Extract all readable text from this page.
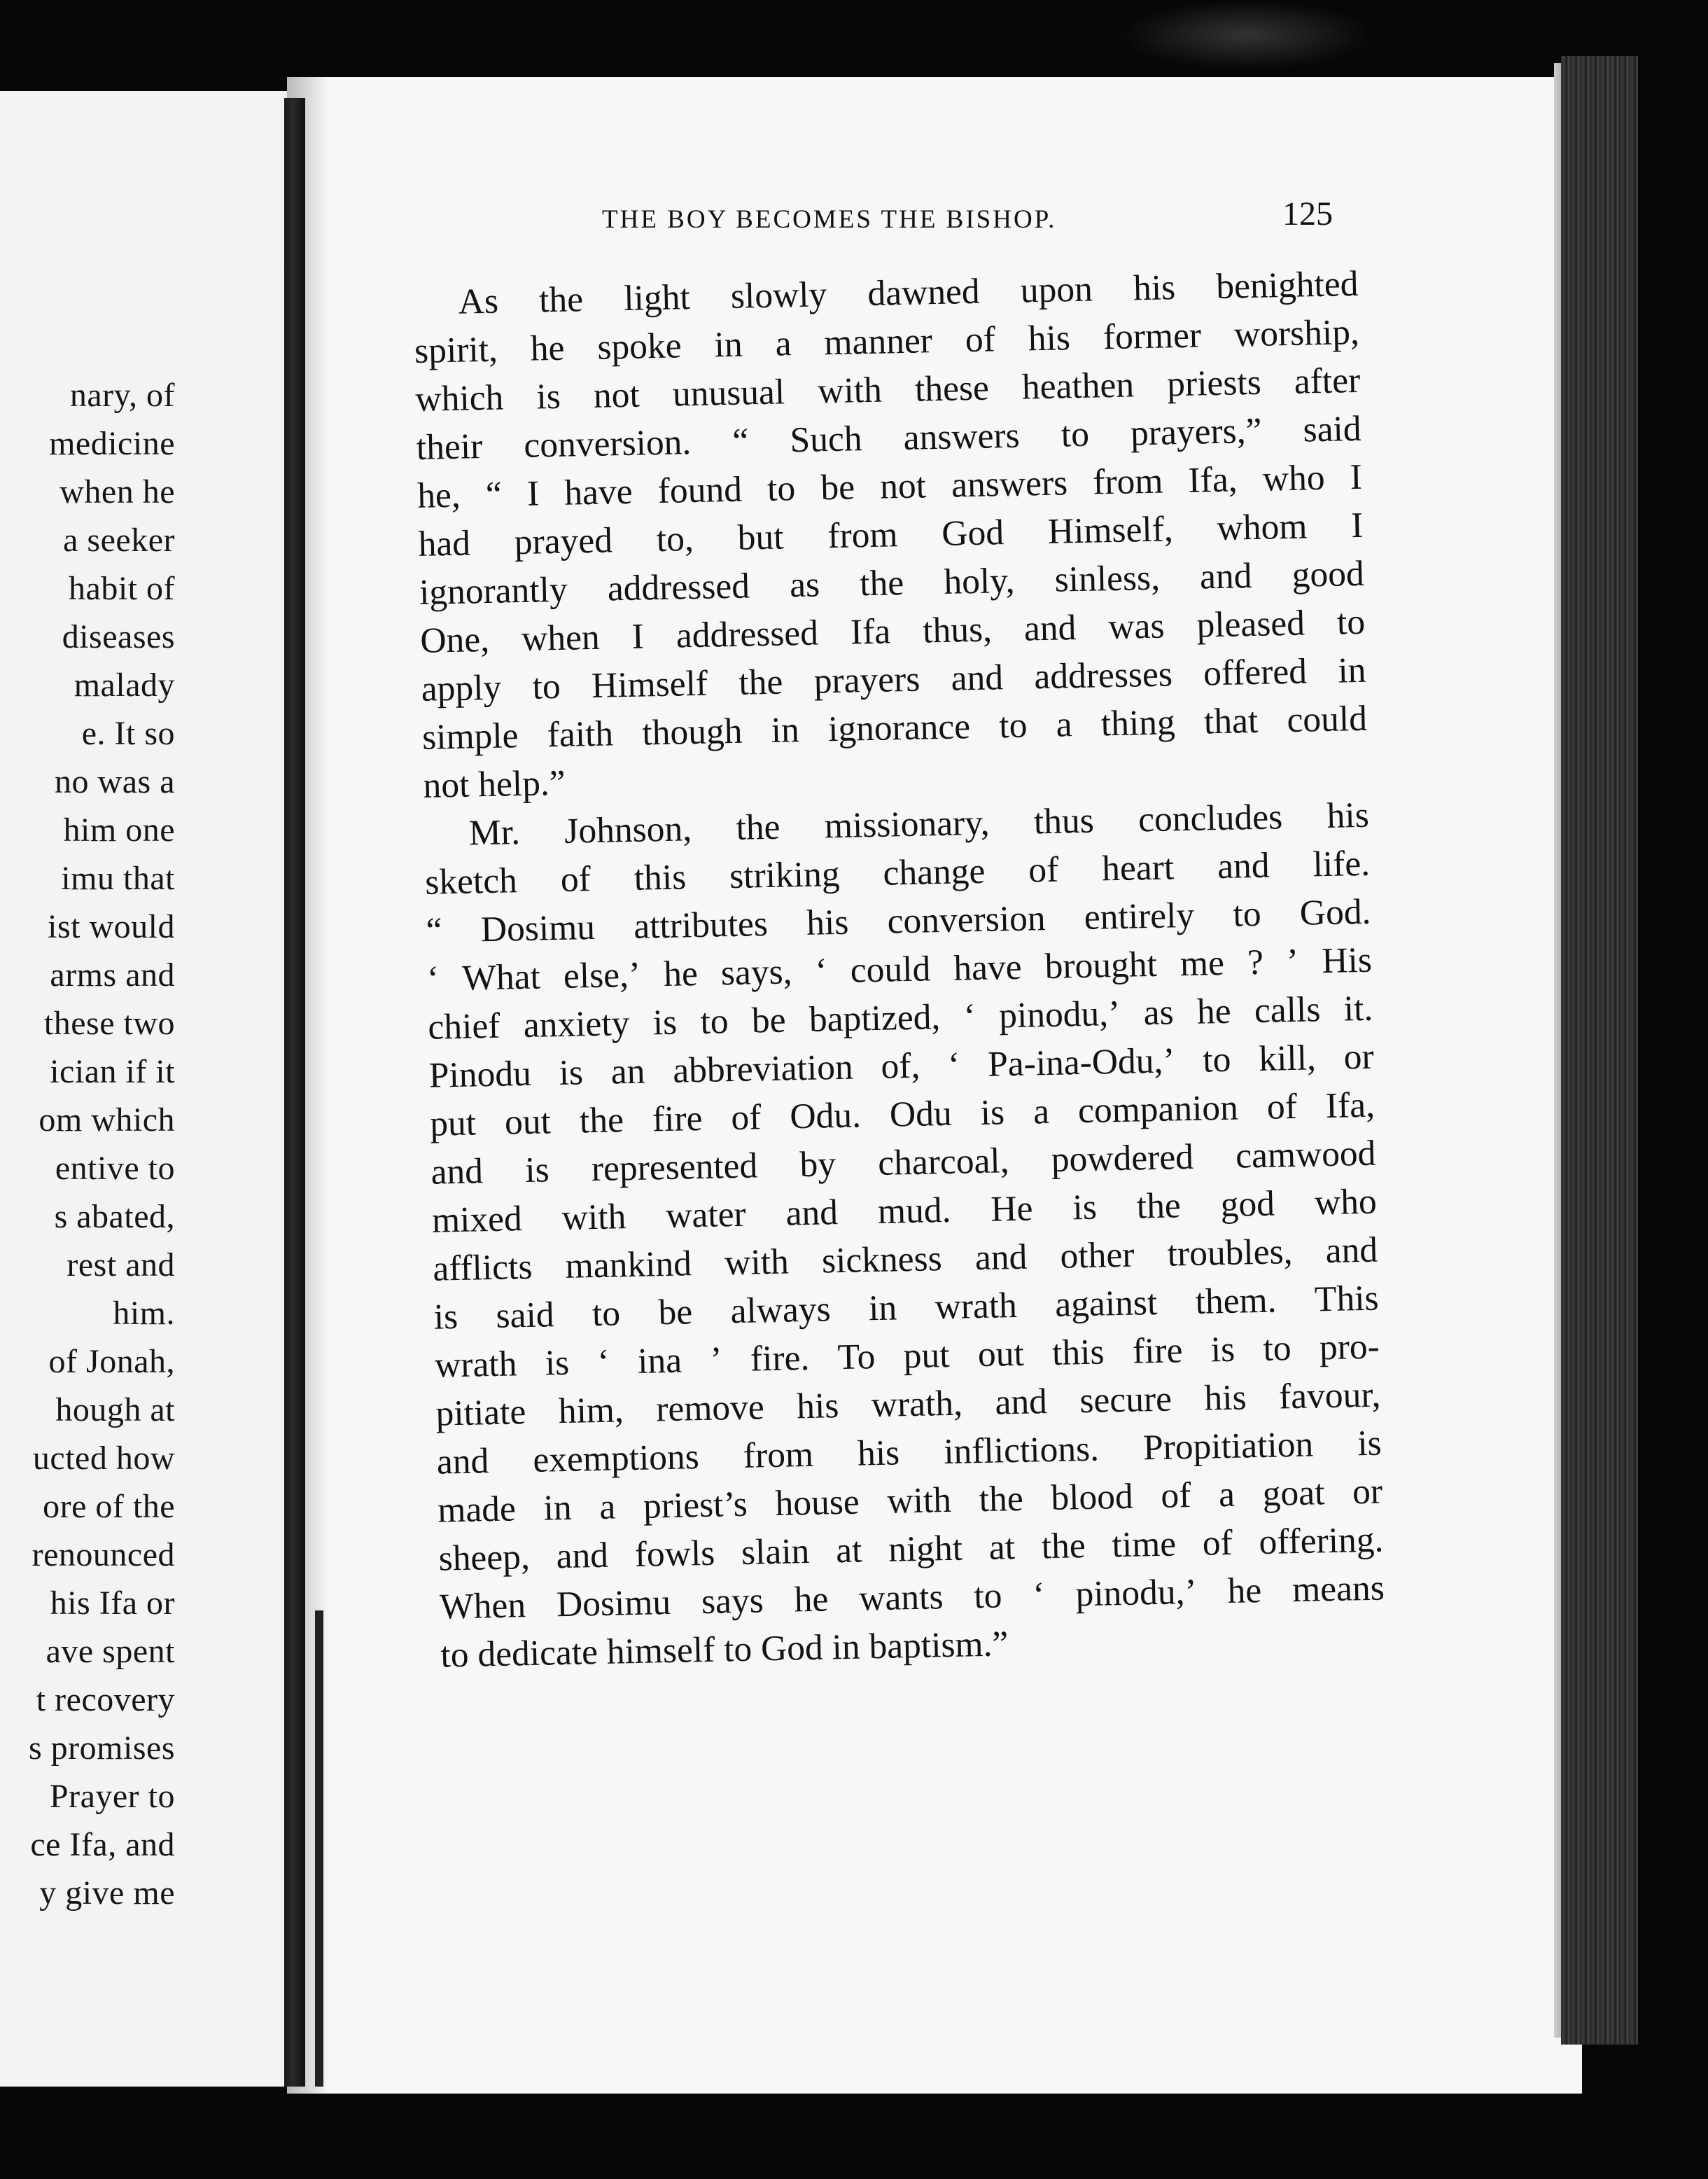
nary, of
medicine
when he
a seeker
habit of
diseases
malady
e. It so
no was a
him one
imu that
ist would
arms and
these two
ician if it
om which
entive to
s abated,
rest and
him.
of Jonah,
hough at
ucted how
ore of the
renounced
his Ifa or
ave spent
t recovery
s promises
Prayer to
ce Ifa, and
y give me
THE BOY BECOMES THE BISHOP.	125
As the light slowly dawned upon his benighted
spirit, he spoke in a manner of his former worship,
which is not unusual with these heathen priests after
their conversion. “ Such answers to prayers,” said
he, “ I have found to be not answers from Ifa, who I
had prayed to, but from God Himself, whom I
ignorantly addressed as the holy, sinless, and good
One, when I addressed Ifa thus, and was pleased to
apply to Himself the prayers and addresses offered in
simple faith though in ignorance to a thing that could
not help.”
Mr. Johnson, the missionary, thus concludes his
sketch of this striking change of heart and life.
“ Dosimu attributes his conversion entirely to God.
‘ What else,’ he says, ‘ could have brought me ? ’ His
chief anxiety is to be baptized, ‘ pinodu,’ as he calls it.
Pinodu is an abbreviation of, ‘ Pa-ina-Odu,’ to kill, or
put out the fire of Odu. Odu is a companion of Ifa,
and is represented by charcoal, powdered camwood
mixed with water and mud. He is the god who
afflicts mankind with sickness and other troubles, and
is said to be always in wrath against them. This
wrath is ‘ ina ’ fire. To put out this fire is to pro-
pitiate him, remove his wrath, and secure his favour,
and exemptions from his inflictions. Propitiation is
made in a priest’s house with the blood of a goat or
sheep, and fowls slain at night at the time of offering.
When Dosimu says he wants to ‘ pinodu,’ he means
to dedicate himself to God in baptism.”
